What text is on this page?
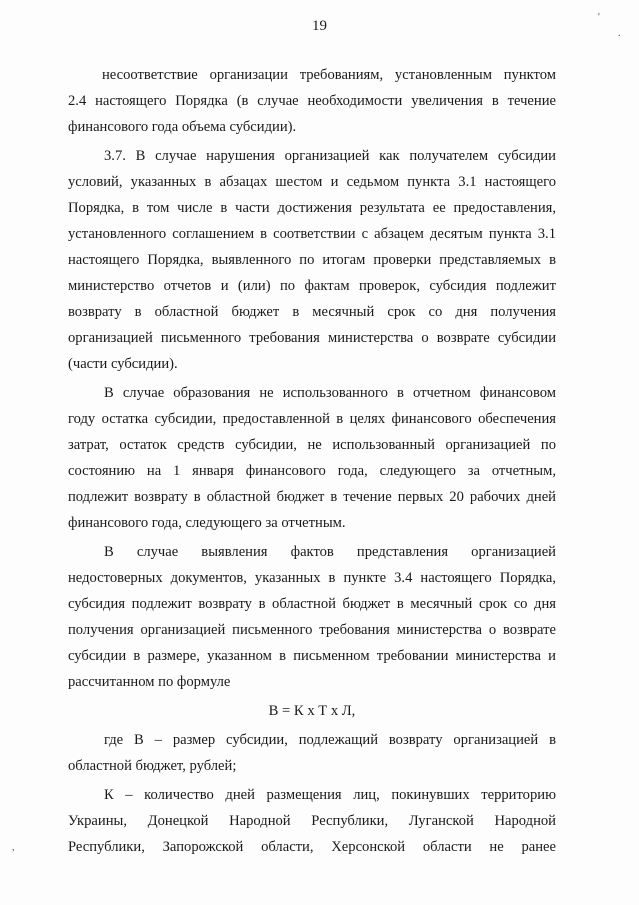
19
несоответствие организации требованиям, установленным пунктом
2.4 настоящего Порядка (в случае необходимости увеличения в течение
финансового года объема субсидии).
3.7. В случае нарушения организацией как получателем субсидии
условий, указанных в абзацах шестом и седьмом пункта 3.1 настоящего
Порядка, в том числе в части достижения результата ее предоставления,
установленного соглашением в соответствии с абзацем десятым пункта 3.1
настоящего Порядка, выявленного по итогам проверки представляемых в
министерство отчетов и (или) по фактам проверок, субсидия подлежит
возврату в областной бюджет в месячный срок со дня получения
организацией письменного требования министерства о возврате субсидии
(части субсидии).
В случае образования не использованного в отчетном финансовом
году остатка субсидии, предоставленной в целях финансового обеспечения
затрат, остаток средств субсидии, не использованный организацией по
состоянию на 1 января финансового года, следующего за отчетным,
подлежит возврату в областной бюджет в течение первых 20 рабочих дней
финансового года, следующего за отчетным.
В случае выявления фактов представления организацией
недостоверных документов, указанных в пункте 3.4 настоящего Порядка,
субсидия подлежит возврату в областной бюджет в месячный срок со дня
получения организацией письменного требования министерства о возврате
субсидии в размере, указанном в письменном требовании министерства и
рассчитанном по формуле
В = К х Т х Л,
где В – размер субсидии, подлежащий возврату организацией в
областной бюджет, рублей;
К – количество дней размещения лиц, покинувших территорию
Украины, Донецкой Народной Республики, Луганской Народной
Республики, Запорожской области, Херсонской области не ранее
'
.
,
